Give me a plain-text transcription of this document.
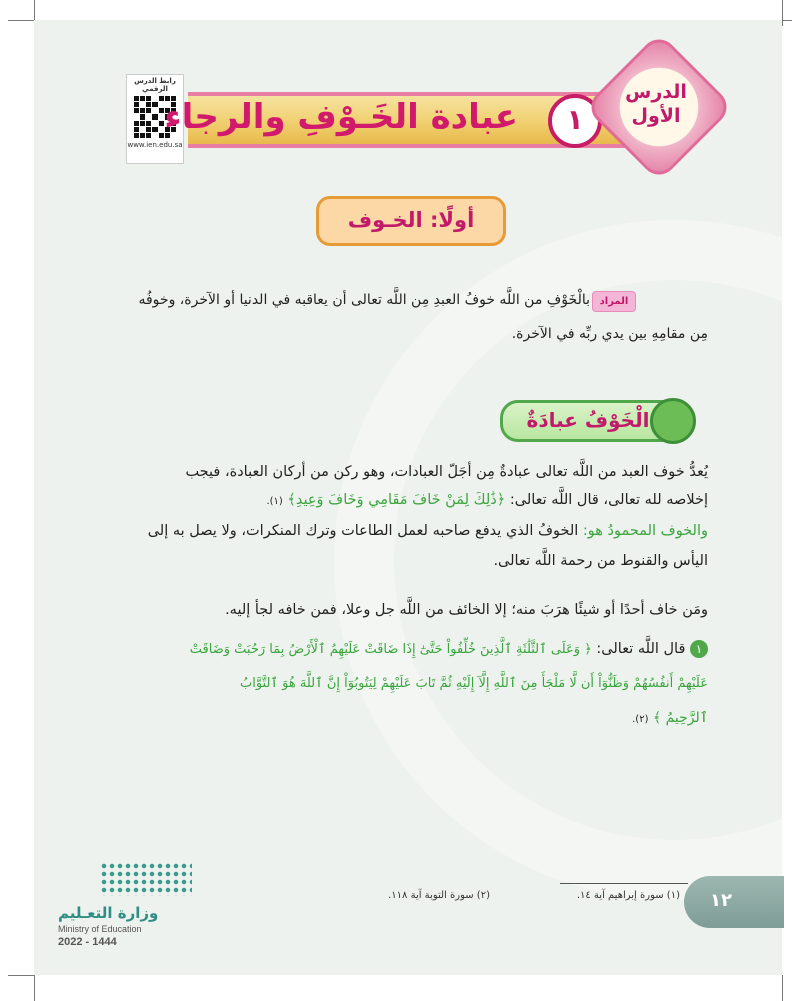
رابط الدرس الرقمي
www.ien.edu.sa
عبادة الخَـوْفِ والرجاء	١
الدرس الأول
أولًا: الخـوف
المراد
بالْخَوْفِ من اللَّه خوفُ العبدِ مِن اللَّه تعالى أن يعاقبه في الدنيا أو الآخرة، وخوفُه
مِن مقامِهِ بين يدي ربِّه في الآخرة.
الْخَوْفُ عبادَةٌ
يُعدُّ خوف العبد من اللَّه تعالى عبادةٌ مِن أجَلّ العبادات، وهو ركن من أركان العبادة، فيجب
إخلاصه لله تعالى، قال اللَّه تعالى: ﴿ذَٰلِكَ لِمَنْ خَافَ مَقَامِي وَخَافَ وَعِيدِ﴾ (١).
والخوف المحمودُ هو: الخوفُ الذي يدفع صاحبه لعمل الطاعات وترك المنكرات، ولا يصل به إلى
اليأس والقنوط من رحمة اللَّه تعالى.
ومَن خاف أحدًا أو شيئًا هرَبَ منه؛ إلا الخائف من اللَّه جل وعلا، فمن خافه لجأ إليه.
١ قال اللَّه تعالى: ﴿ وَعَلَى ٱلثَّلَٰثَةِ ٱلَّذِينَ خُلِّفُواْ حَتَّىٰٓ إِذَا ضَاقَتْ عَلَيْهِمُ ٱلْأَرْضُ بِمَا رَحُبَتْ وَضَاقَتْ
عَلَيْهِمْ أَنفُسُهُمْ وَظَنُّوٓاْ أَن لَّا مَلْجَأَ مِنَ ٱللَّهِ إِلَّآ إِلَيْهِ ثُمَّ تَابَ عَلَيْهِمْ لِيَتُوبُوٓاْ إِنَّ ٱللَّهَ هُوَ ٱلتَّوَّابُ
ٱلرَّحِيمُ ﴾ (٢).
(١) سورة إبراهيم آية ١٤.
(٢) سورة التوبة آية ١١٨.	١٢
وزارة التعـليم
Ministry of Education
2022 - 1444
